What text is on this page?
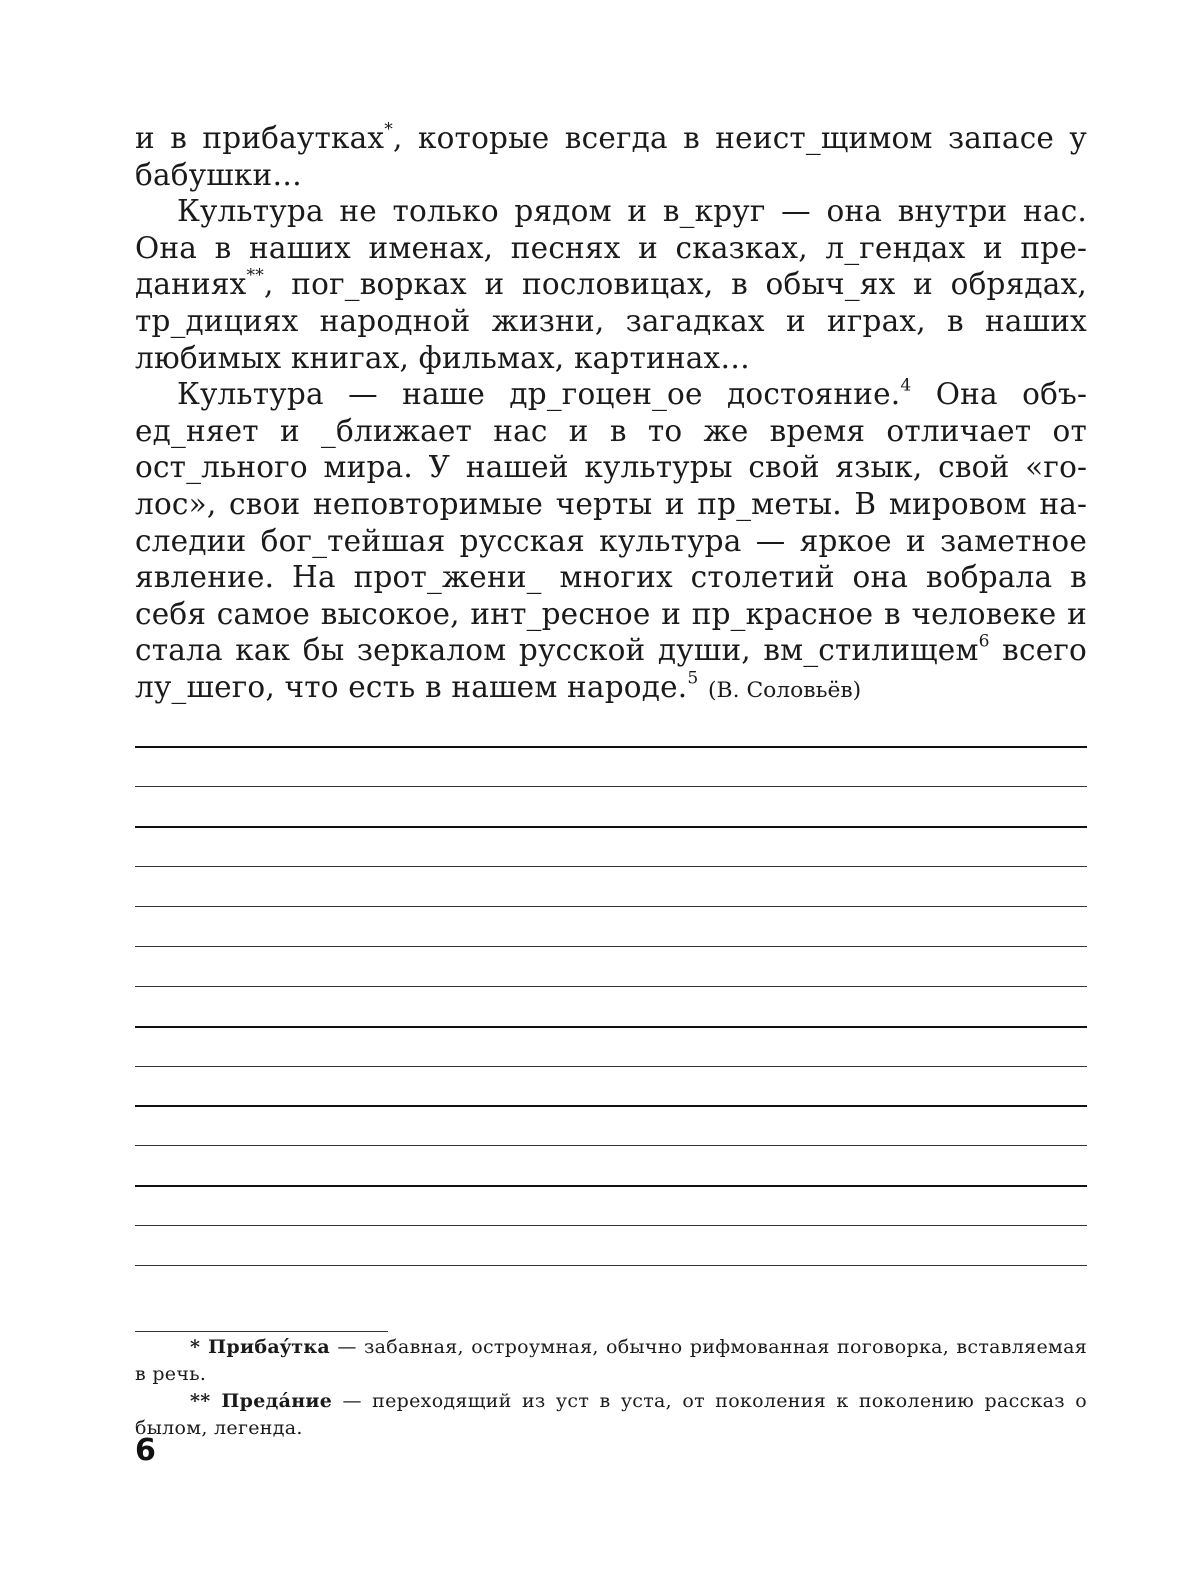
и в прибаутках*, которые всегда в неист_щимом запасе у бабушки…

Культура не только рядом и в_круг — она внутри нас. Она в наших именах, песнях и сказках, л_гендах и преданиях**, пог_ворках и пословицах, в обыч_ях и обрядах, тр_дициях народной жизни, загадках и играх, в наших любимых книгах, фильмах, картинах…

Культура — наше др_гоцен_ое достояние.$^4$ Она объед_няет и _ближает нас и в то же время отличает от ост_льного мира. У нашей культуры свой язык, свой «голос», свои неповторимые черты и пр_меты. В мировом наследии бог_тейшая русская культура — яркое и заметное явление. На прот_жени_ многих столетий она вобрала в себя самое высокое, инт_ресное и пр_красное в человеке и стала как бы зеркалом русской души, вм_стилищем$^6$ всего лу_шего, что есть в нашем народе.$^5$ (В. Соловьёв)

* Прибаýтка — забавная, остроумная, обычно рифмованная поговорка, вставляемая в речь.

** Предáние — переходящий из уст в уста, от поколения к поколению рассказ о былом, легенда.

6
